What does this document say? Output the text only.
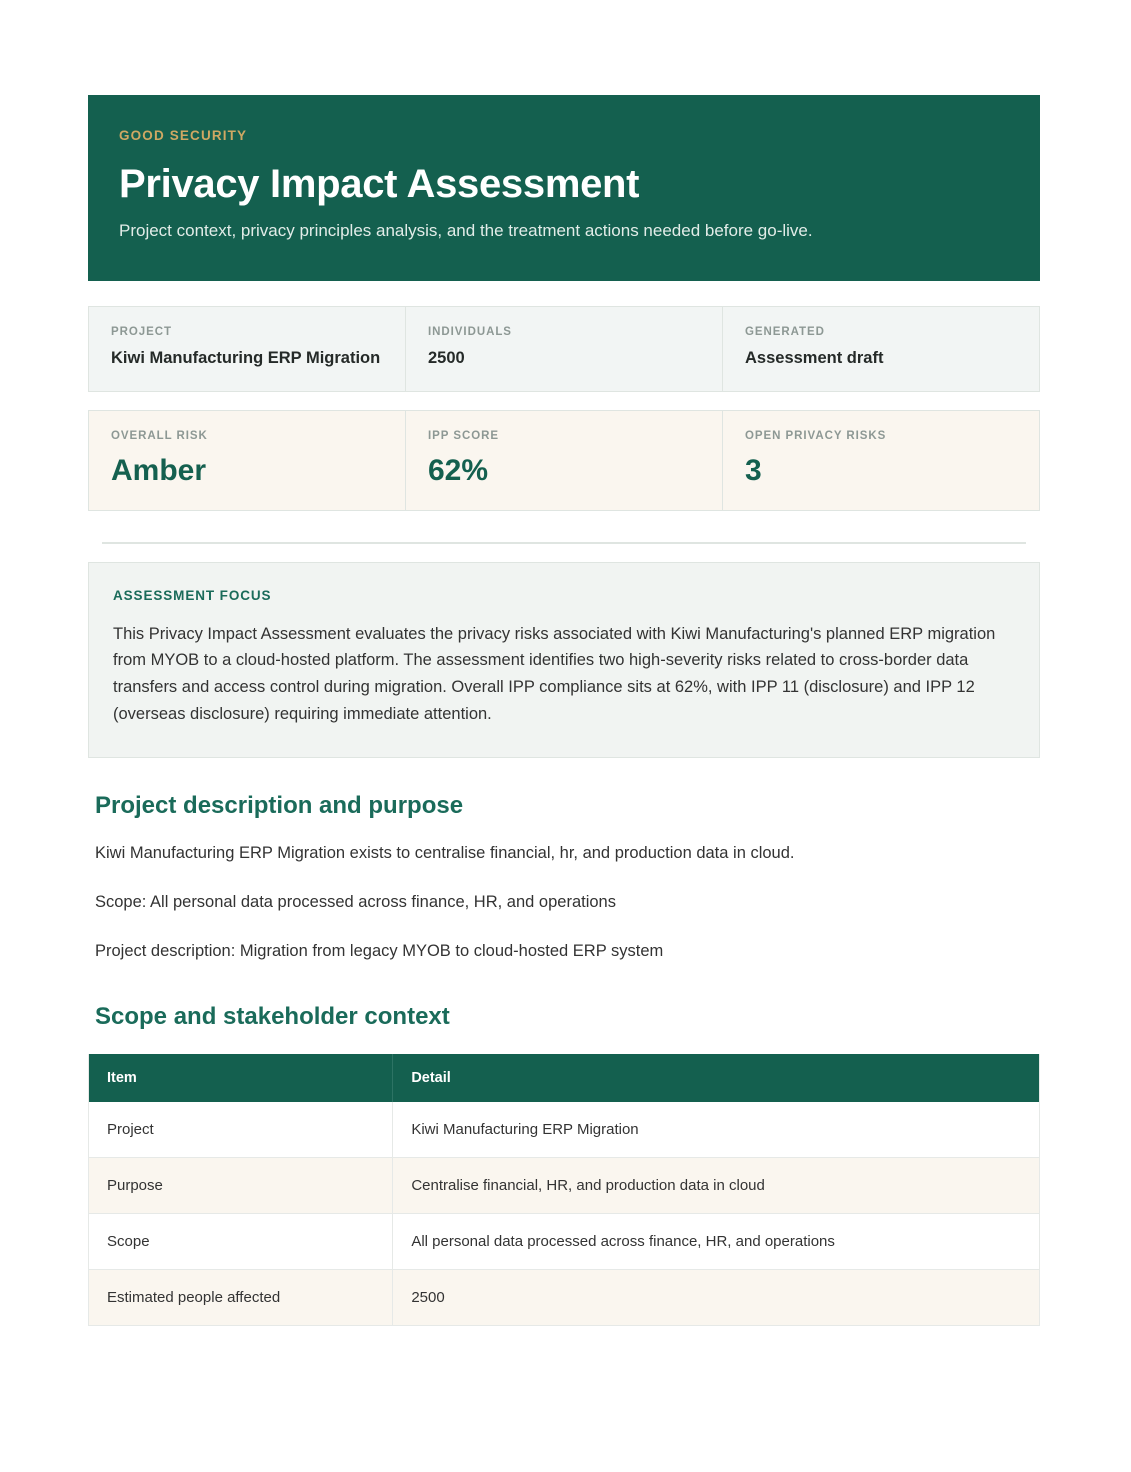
GOOD SECURITY
Privacy Impact Assessment

Project context, privacy principles analysis, and the treatment actions needed before go-live.

PROJECT
Kiwi Manufacturing ERP Migration
INDIVIDUALS
2500
GENERATED
Assessment draft
OVERALL RISK
Amber
IPP SCORE
62%
OPEN PRIVACY RISKS
3
ASSESSMENT FOCUS

This Privacy Impact Assessment evaluates the privacy risks associated with Kiwi Manufacturing's planned ERP migration from MYOB to a cloud-hosted platform. The assessment identifies two high-severity risks related to cross-border data transfers and access control during migration. Overall IPP compliance sits at 62%, with IPP 11 (disclosure) and IPP 12 (overseas disclosure) requiring immediate attention.

Project description and purpose

Kiwi Manufacturing ERP Migration exists to centralise financial, hr, and production data in cloud.

Scope: All personal data processed across finance, HR, and operations

Project description: Migration from legacy MYOB to cloud-hosted ERP system

Scope and stakeholder context
Item	Detail
Project	Kiwi Manufacturing ERP Migration
Purpose	Centralise financial, HR, and production data in cloud
Scope	All personal data processed across finance, HR, and operations
Estimated people affected	2500
